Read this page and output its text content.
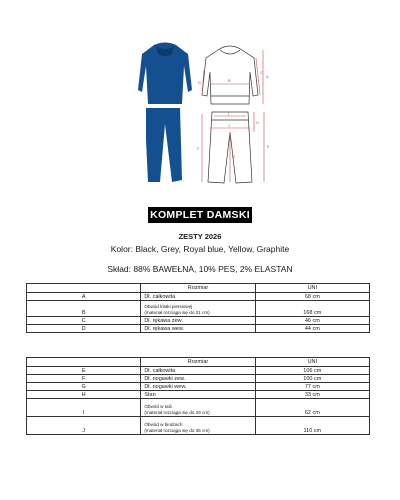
A
B
C
D
E
F
G
H
I
J
KOMPLET DAMSKI
ZESTY 2026
Kolor: Black, Grey, Royal blue, Yellow, Graphite
Skład: 88% BAWEŁNA, 10% PES, 2% ELASTAN
	Rozmiar	UNI
A	Dł. całkowita	68 cm
B	Obwód klatki piersiowej
(materiał rozciąga się do 31 cm)	168 cm
C	Dł. rękawa zew.	46 cm
D	Dł. rękawa wew.	44 cm
	Rozmiar	UNI
E	Dł. całkowita	106 cm
F	Dł. nogawki zew.	100 cm
G	Dł. nogawki wew.	77 cm
H	Stan	33 cm
I	Obwód w talii
(materiał rozciąga się do 29 cm)	62 cm
J	Obwód w biodrach
(materiał rozciąga się do 35 cm)	110 cm
